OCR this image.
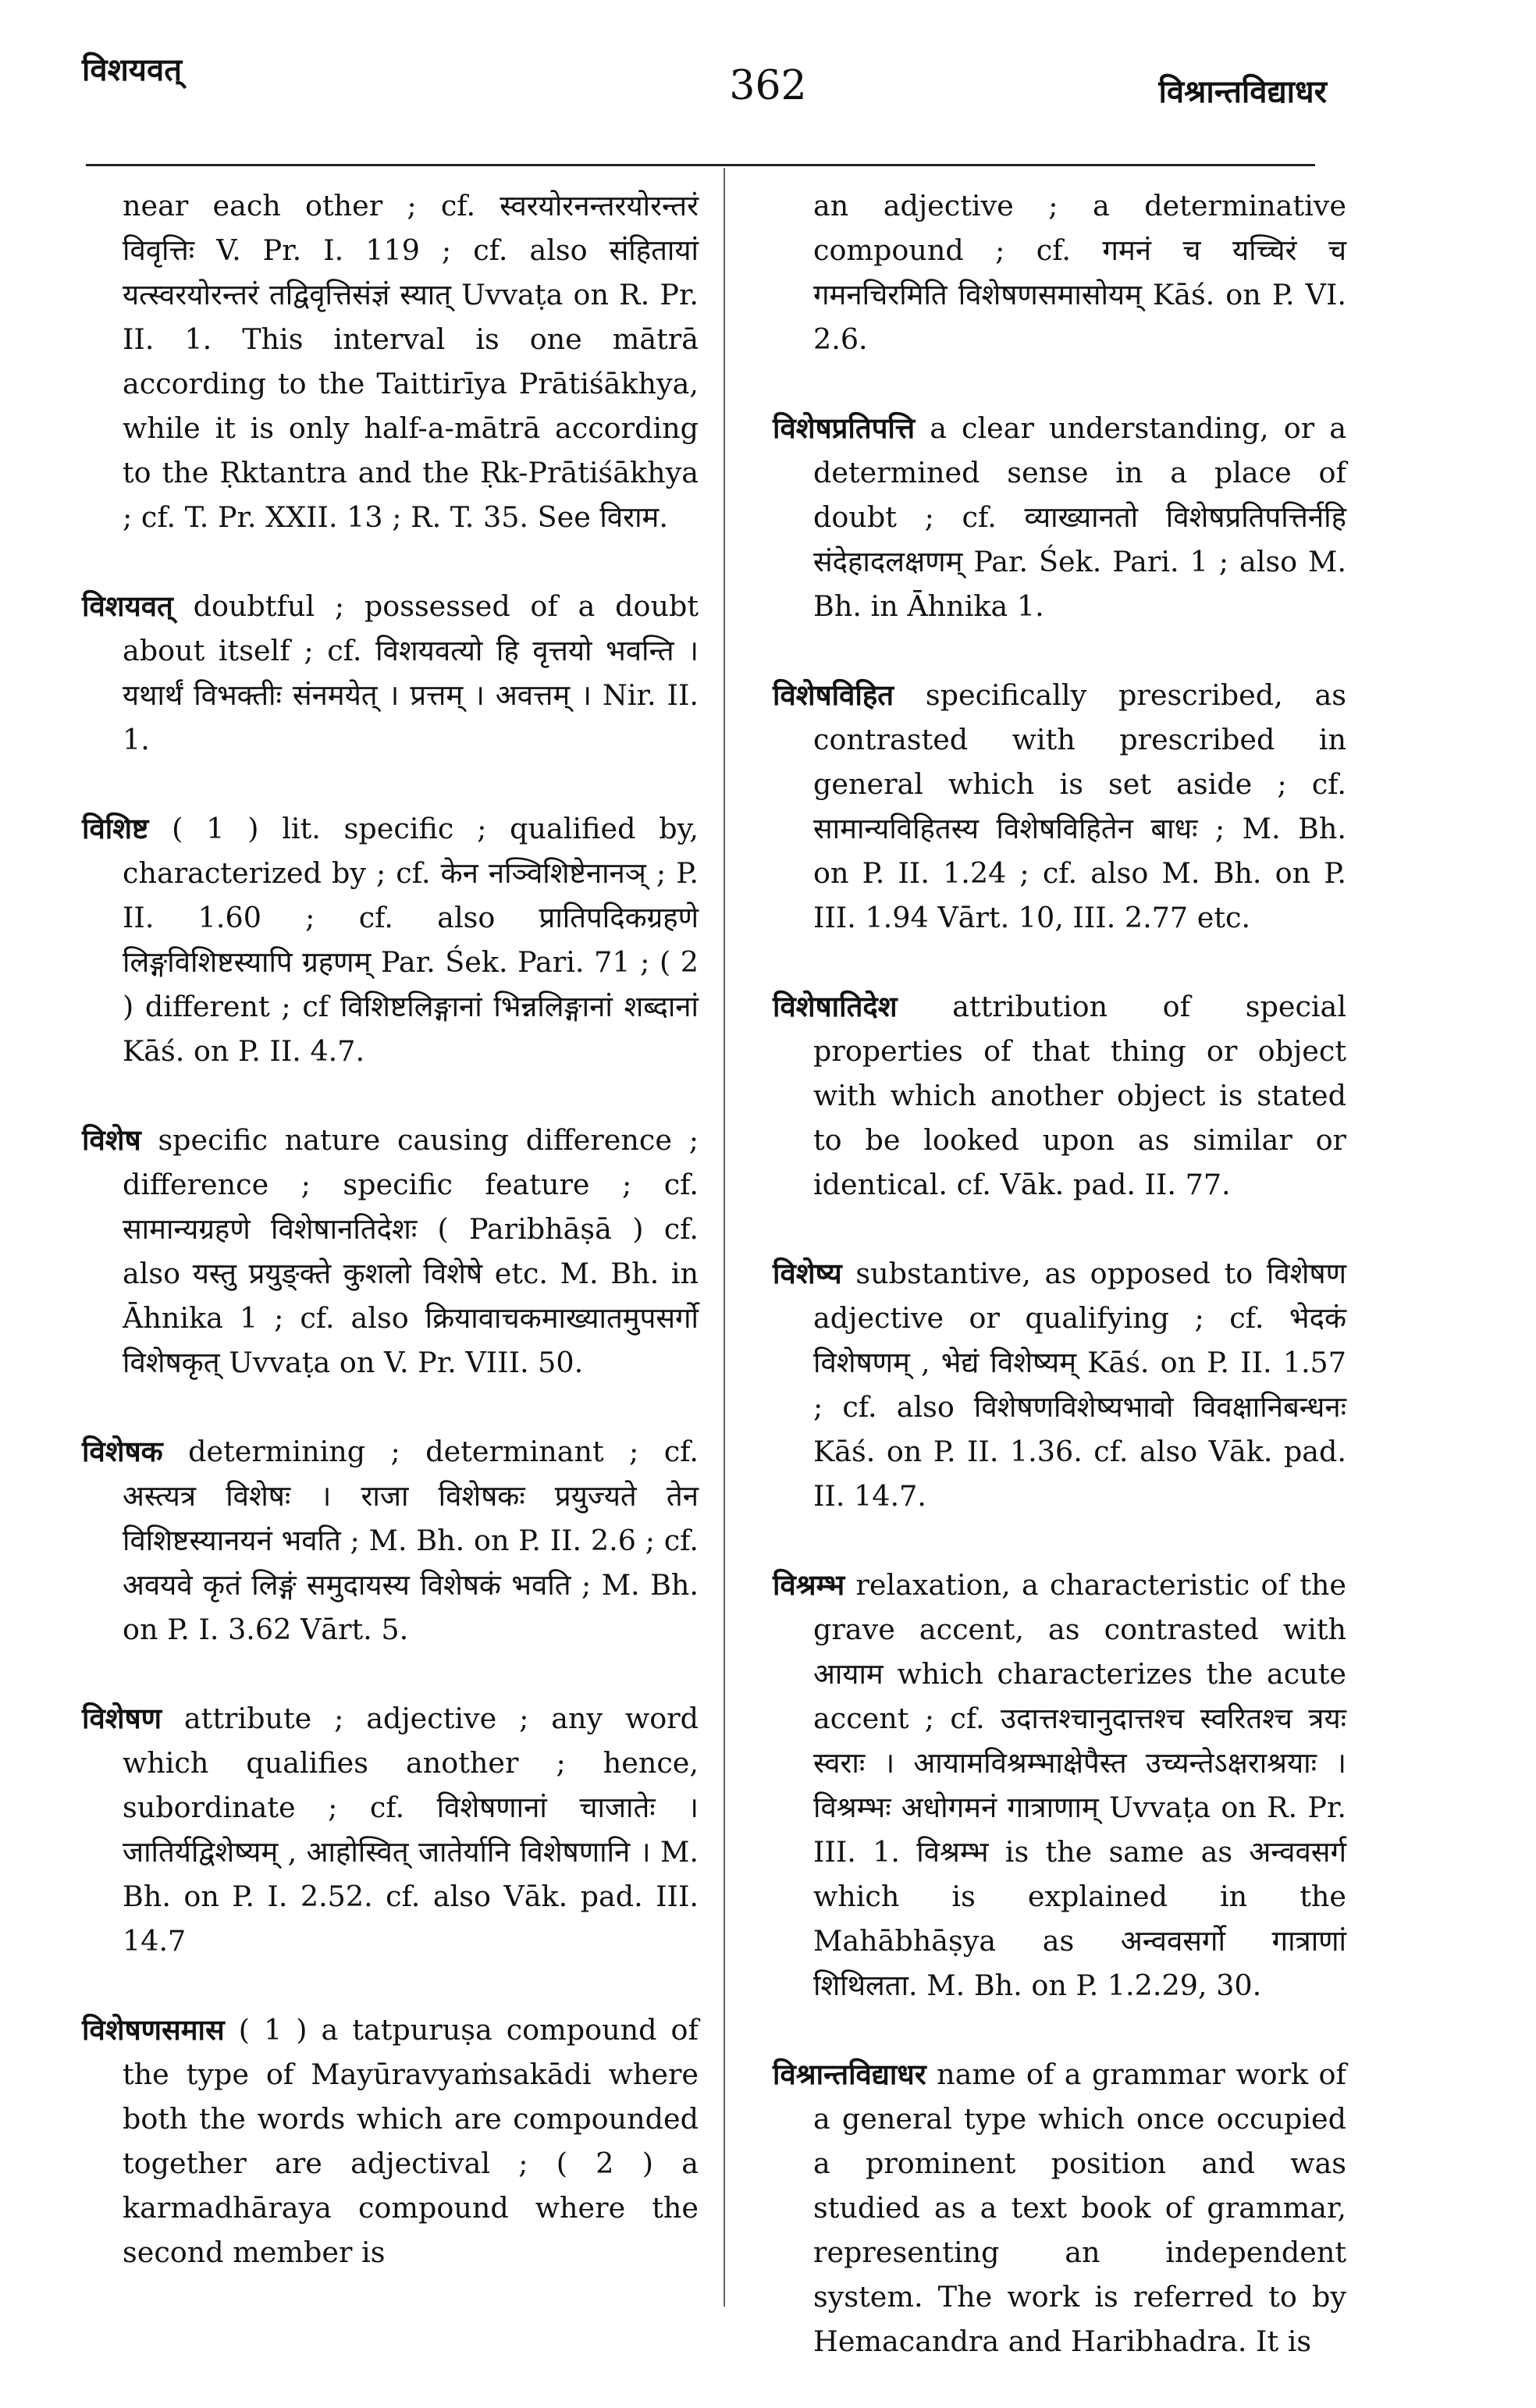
विशयवत्	362	विश्रान्तविद्याधर

near each other ; cf. स्वरयोरनन्तरयोरन्तरं विवृत्तिः V. Pr. I. 119 ; cf. also संहितायां यत्स्वरयोरन्तरं तद्विवृत्तिसंज्ञं स्यात् Uvvaṭa on R. Pr. II. 1. This interval is one mātrā according to the Taittirīya Prātiśākhya, while it is only half-a-mātrā according to the Ṛktantra and the Ṛk-Prātiśākhya ; cf. T. Pr. XXII. 13 ; R. T. 35. See विराम.

विशयवत् doubtful ; possessed of a doubt about itself ; cf. विशयवत्यो हि वृत्तयो भवन्ति । यथार्थं विभक्तीः संनमयेत् । प्रत्तम् । अवत्तम् । Nir. II. 1.

विशिष्ट ( 1 ) lit. specific ; qualified by, characterized by ; cf. केन नञ्विशिष्टेनानञ् ; P. II. 1.60 ; cf. also प्रातिपदिकग्रहणे लिङ्गविशिष्टस्यापि ग्रहणम् Par. Śek. Pari. 71 ; ( 2 ) different ; cf विशिष्टलिङ्गानां भिन्नलिङ्गानां शब्दानां Kāś. on P. II. 4.7.

विशेष specific nature causing difference ; difference ; specific feature ; cf. सामान्यग्रहणे विशेषानतिदेशः ( Paribhāṣā ) cf. also यस्तु प्रयुङ्क्ते कुशलो विशेषे etc. M. Bh. in Āhnika 1 ; cf. also क्रियावाचकमाख्यातमुपसर्गो विशेषकृत् Uvvaṭa on V. Pr. VIII. 50.

विशेषक determining ; determinant ; cf. अस्त्यत्र विशेषः । राजा विशेषकः प्रयुज्यते तेन विशिष्टस्यानयनं भवति ; M. Bh. on P. II. 2.6 ; cf. अवयवे कृतं लिङ्गं समुदायस्य विशेषकं भवति ; M. Bh. on P. I. 3.62 Vārt. 5.

विशेषण attribute ; adjective ; any word which qualifies another ; hence, subordinate ; cf. विशेषणानां चाजातेः । जातिर्यद्विशेष्यम् , आहोस्वित् जातेर्यानि विशेषणानि । M. Bh. on P. I. 2.52. cf. also Vāk. pad. III. 14.7

विशेषणसमास ( 1 ) a tatpuruṣa compound of the type of Mayūravyaṁsakādi where both the words which are compounded together are adjectival ; ( 2 ) a karmadhāraya compound where the second member is

an adjective ; a determinative compound ; cf. गमनं च यच्चिरं च गमनचिरमिति विशेषणसमासोयम् Kāś. on P. VI. 2.6.

विशेषप्रतिपत्ति a clear understanding, or a determined sense in a place of doubt ; cf. व्याख्यानतो विशेषप्रतिपत्तिर्नहि संदेहादलक्षणम् Par. Śek. Pari. 1 ; also M. Bh. in Āhnika 1.

विशेषविहित specifically prescribed, as contrasted with prescribed in general which is set aside ; cf. सामान्यविहितस्य विशेषविहितेन बाधः ; M. Bh. on P. II. 1.24 ; cf. also M. Bh. on P. III. 1.94 Vārt. 10, III. 2.77 etc.

विशेषातिदेश attribution of special properties of that thing or object with which another object is stated to be looked upon as similar or identical. cf. Vāk. pad. II. 77.

विशेष्य substantive, as opposed to विशेषण adjective or qualifying ; cf. भेदकं विशेषणम् , भेद्यं विशेष्यम् Kāś. on P. II. 1.57 ; cf. also विशेषणविशेष्यभावो विवक्षानिबन्धनः Kāś. on P. II. 1.36. cf. also Vāk. pad. II. 14.7.

विश्रम्भ relaxation, a characteristic of the grave accent, as contrasted with आयाम which characterizes the acute accent ; cf. उदात्तश्चानुदात्तश्च स्वरितश्च त्रयः स्वराः । आयामविश्रम्भाक्षेपैस्त उच्यन्तेऽक्षराश्रयाः । विश्रम्भः अधोगमनं गात्राणाम् Uvvaṭa on R. Pr. III. 1. विश्रम्भ is the same as अन्ववसर्ग which is explained in the Mahābhāṣya as अन्ववसर्गो गात्राणां शिथिलता. M. Bh. on P. 1.2.29, 30.

विश्रान्तविद्याधर name of a grammar work of a general type which once occupied a prominent position and was studied as a text book of grammar, representing an independent system. The work is referred to by Hemacandra and Haribhadra. It is
